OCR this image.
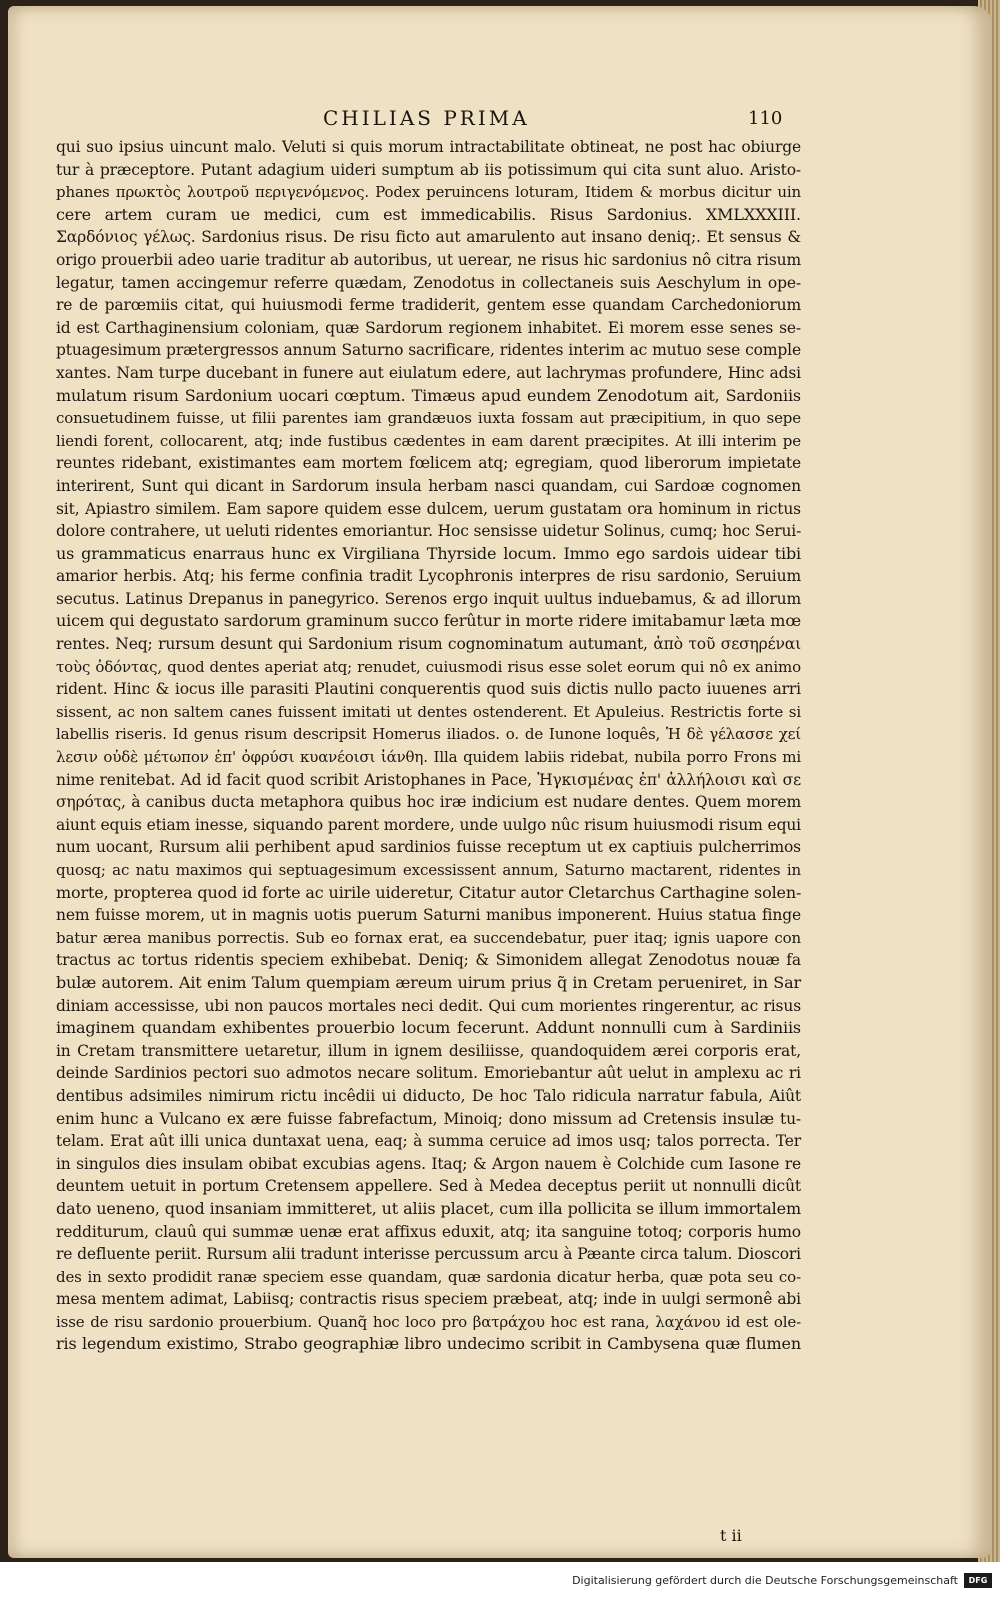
CHILIAS PRIMA	110
qui suo ipsius uincunt malo. Veluti si quis morum intractabilitate obtineat, ne post hac obiurge
tur à præceptore. Putant adagium uideri sumptum ab iis potissimum qui cita sunt aluo. Aristo-
phanes πρωκτὸς λουτροῦ περιγενόμενος. Podex peruincens loturam, Itidem & morbus dicitur uin
cere artem curam ue medici, cum est immedicabilis. Risus Sardonius. XMLXXXIII.
Σαρδόνιος γέλως. Sardonius risus. De risu ficto aut amarulento aut insano deniq;. Et sensus &
origo prouerbii adeo uarie traditur ab autoribus, ut uerear, ne risus hic sardonius nô citra risum
legatur, tamen accingemur referre quædam, Zenodotus in collectaneis suis Aeschylum in ope-
re de parœmiis citat, qui huiusmodi ferme tradiderit, gentem esse quandam Carchedoniorum
id est Carthaginensium coloniam, quæ Sardorum regionem inhabitet. Ei morem esse senes se-
ptuagesimum prætergressos annum Saturno sacrificare, ridentes interim ac mutuo sese comple
xantes. Nam turpe ducebant in funere aut eiulatum edere, aut lachrymas profundere, Hinc adsi
mulatum risum Sardonium uocari cœptum. Timæus apud eundem Zenodotum ait, Sardoniis
consuetudinem fuisse, ut filii parentes iam grandæuos iuxta fossam aut præcipitium, in quo sepe
liendi forent, collocarent, atq; inde fustibus cædentes in eam darent præcipites. At illi interim pe
reuntes ridebant, existimantes eam mortem fœlicem atq; egregiam, quod liberorum impietate
interirent, Sunt qui dicant in Sardorum insula herbam nasci quandam, cui Sardoæ cognomen
sit, Apiastro similem. Eam sapore quidem esse dulcem, uerum gustatam ora hominum in rictus
dolore contrahere, ut ueluti ridentes emoriantur. Hoc sensisse uidetur Solinus, cumq; hoc Serui-
us grammaticus enarraus hunc ex Virgiliana Thyrside locum. Immo ego sardois uidear tibi
amarior herbis. Atq; his ferme confinia tradit Lycophronis interpres de risu sardonio, Seruium
secutus. Latinus Drepanus in panegyrico. Serenos ergo inquit uultus induebamus, & ad illorum
uicem qui degustato sardorum graminum succo ferûtur in morte ridere imitabamur læta mœ
rentes. Neq; rursum desunt qui Sardonium risum cognominatum autumant, ἀπὸ τοῦ σεσηρέναι
τοὺς ὀδόντας, quod dentes aperiat atq; renudet, cuiusmodi risus esse solet eorum qui nô ex animo
rident. Hinc & iocus ille parasiti Plautini conquerentis quod suis dictis nullo pacto iuuenes arri
sissent, ac non saltem canes fuissent imitati ut dentes ostenderent. Et Apuleius. Restrictis forte si
labellis riseris. Id genus risum descripsit Homerus iliados. o. de Iunone loquês, Ἡ δὲ γέλασσε χεί
λεσιν οὐδὲ μέτωπον ἐπ' ὀφρύσι κυανέοισι ἰάνθη. Illa quidem labiis ridebat, nubila porro Frons mi
nime renitebat. Ad id facit quod scribit Aristophanes in Pace, Ἡγκισμένας ἐπ' ἀλλήλοισι καὶ σε
σηρότας, à canibus ducta metaphora quibus hoc iræ indicium est nudare dentes. Quem morem
aiunt equis etiam inesse, siquando parent mordere, unde uulgo nûc risum huiusmodi risum equi
num uocant, Rursum alii perhibent apud sardinios fuisse receptum ut ex captiuis pulcherrimos
quosq; ac natu maximos qui septuagesimum excessissent annum, Saturno mactarent, ridentes in
morte, propterea quod id forte ac uirile uideretur, Citatur autor Cletarchus Carthagine solen-
nem fuisse morem, ut in magnis uotis puerum Saturni manibus imponerent. Huius statua finge
batur ærea manibus porrectis. Sub eo fornax erat, ea succendebatur, puer itaq; ignis uapore con
tractus ac tortus ridentis speciem exhibebat. Deniq; & Simonidem allegat Zenodotus nouæ fa
bulæ autorem. Ait enim Talum quempiam æreum uirum prius q̃ in Cretam perueniret, in Sar
diniam accessisse, ubi non paucos mortales neci dedit. Qui cum morientes ringerentur, ac risus
imaginem quandam exhibentes prouerbio locum fecerunt. Addunt nonnulli cum à Sardiniis
in Cretam transmittere uetaretur, illum in ignem desiliisse, quandoquidem ærei corporis erat,
deinde Sardinios pectori suo admotos necare solitum. Emoriebantur aût uelut in amplexu ac ri
dentibus adsimiles nimirum rictu incêdii ui diducto, De hoc Talo ridicula narratur fabula, Aiût
enim hunc a Vulcano ex ære fuisse fabrefactum, Minoiq; dono missum ad Cretensis insulæ tu-
telam. Erat aût illi unica duntaxat uena, eaq; à summa ceruice ad imos usq; talos porrecta. Ter
in singulos dies insulam obibat excubias agens. Itaq; & Argon nauem è Colchide cum Iasone re
deuntem uetuit in portum Cretensem appellere. Sed à Medea deceptus periit ut nonnulli dicût
dato ueneno, quod insaniam immitteret, ut aliis placet, cum illa pollicita se illum immortalem
redditurum, clauû qui summæ uenæ erat affixus eduxit, atq; ita sanguine totoq; corporis humo
re defluente periit. Rursum alii tradunt interisse percussum arcu à Pæante circa talum. Dioscori
des in sexto prodidit ranæ speciem esse quandam, quæ sardonia dicatur herba, quæ pota seu co-
mesa mentem adimat, Labiisq; contractis risus speciem præbeat, atq; inde in uulgi sermonê abi
isse de risu sardonio prouerbium. Quanq̃ hoc loco pro βατράχου hoc est rana, λαχάνου id est ole-
ris legendum existimo, Strabo geographiæ libro undecimo scribit in Cambysena quæ flumen
t ii
Digitalisierung gefördert durch die Deutsche Forschungsgemeinschaft	DFG
